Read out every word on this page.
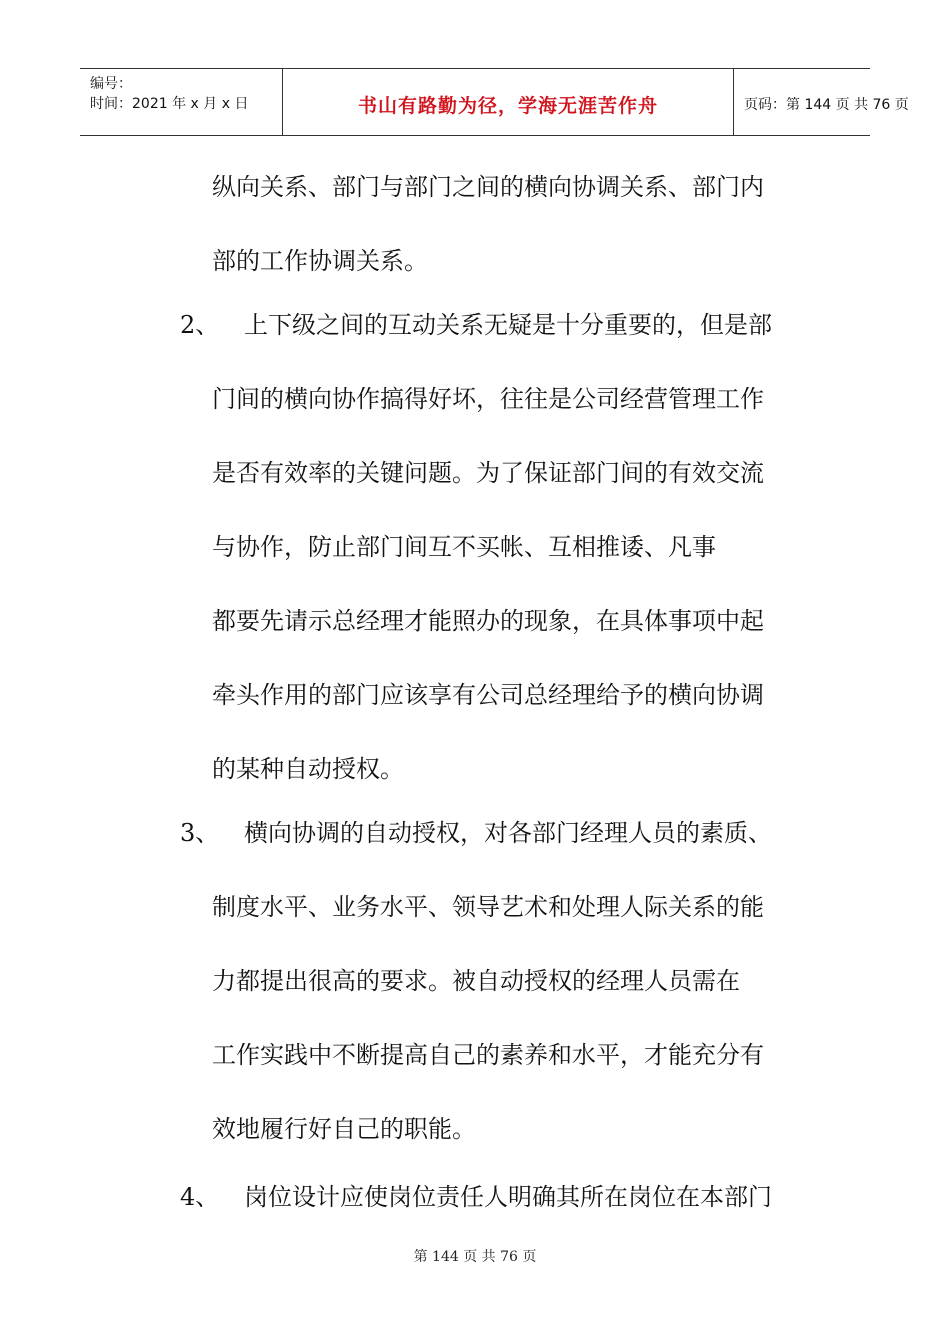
编号：
时间：2021 年 x 月 x 日	书山有路勤为径，学海无涯苦作舟	页码：第 144 页 共 76 页
纵向关系、部门与部门之间的横向协调关系、部门内
部的工作协调关系。
2、 上下级之间的互动关系无疑是十分重要的，但是部
门间的横向协作搞得好坏，往往是公司经营管理工作
是否有效率的关键问题。为了保证部门间的有效交流
与协作，防止部门间互不买帐、互相推诿、凡事
都要先请示总经理才能照办的现象，在具体事项中起
牵头作用的部门应该享有公司总经理给予的横向协调
的某种自动授权。
3、 横向协调的自动授权，对各部门经理人员的素质、
制度水平、业务水平、领导艺术和处理人际关系的能
力都提出很高的要求。被自动授权的经理人员需在
工作实践中不断提高自己的素养和水平，才能充分有
效地履行好自己的职能。
4、 岗位设计应使岗位责任人明确其所在岗位在本部门
第 144 页 共 76 页
